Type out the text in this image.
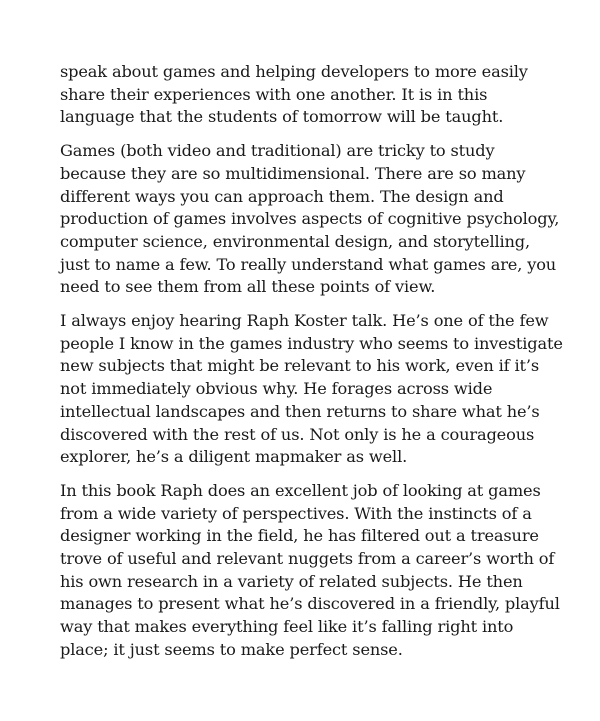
speak about games and helping developers to more easily
share their experiences with one another. It is in this
language that the students of tomorrow will be taught.

Games (both video and traditional) are tricky to study
because they are so multidimensional. There are so many
different ways you can approach them. The design and
production of games involves aspects of cognitive psychology,
computer science, environmental design, and storytelling,
just to name a few. To really understand what games are, you
need to see them from all these points of view.

I always enjoy hearing Raph Koster talk. He’s one of the few
people I know in the games industry who seems to investigate
new subjects that might be relevant to his work, even if it’s
not immediately obvious why. He forages across wide
intellectual landscapes and then returns to share what he’s
discovered with the rest of us. Not only is he a courageous
explorer, he’s a diligent mapmaker as well.

In this book Raph does an excellent job of looking at games
from a wide variety of perspectives. With the instincts of a
designer working in the field, he has filtered out a treasure
trove of useful and relevant nuggets from a career’s worth of
his own research in a variety of related subjects. He then
manages to present what he’s discovered in a friendly, playful
way that makes everything feel like it’s falling right into
place; it just seems to make perfect sense.
